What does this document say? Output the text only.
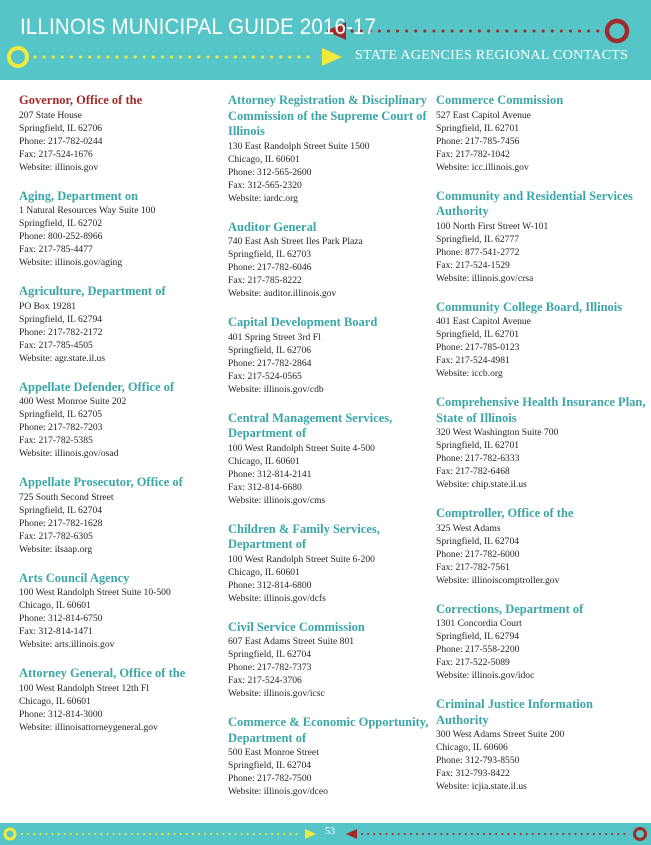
ILLINOIS MUNICIPAL GUIDE 2016-17
STATE AGENCIES REGIONAL CONTACTS
Governor, Office of the
207 State House
Springfield, IL 62706
Phone: 217-782-0244
Fax: 217-524-1676
Website: illinois.gov
Aging, Department on
1 Natural Resources Way Suite 100
Springfield, IL 62702
Phone: 800-252-8966
Fax: 217-785-4477
Website: illinois.gov/aging
Agriculture, Department of
PO Box 19281
Springfield, IL 62794
Phone: 217-782-2172
Fax: 217-785-4505
Website: agr.state.il.us
Appellate Defender, Office of
400 West Monroe Suite 202
Springfield, IL 62705
Phone: 217-782-7203
Fax: 217-782-5385
Website: illinois.gov/osad
Appellate Prosecutor, Office of
725 South Second Street
Springfield, IL 62704
Phone: 217-782-1628
Fax: 217-782-6305
Website: ilsaap.org
Arts Council Agency
100 West Randolph Street Suite 10-500
Chicago, IL 60601
Phone: 312-814-6750
Fax: 312-814-1471
Website: arts.illinois.gov
Attorney General, Office of the
100 West Randolph Street 12th Fl
Chicago, IL 60601
Phone: 312-814-3000
Website: illinoisattorneygeneral.gov
Attorney Registration & Disciplinary Commission of the Supreme Court of Illinois
130 East Randolph Street Suite 1500
Chicago, IL 60601
Phone: 312-565-2600
Fax: 312-565-2320
Website: iardc.org
Auditor General
740 East Ash Street Iles Park Plaza
Springfield, IL 62703
Phone: 217-782-6046
Fax: 217-785-8222
Website: auditor.illinois.gov
Capital Development Board
401 Spring Street 3rd Fl
Springfield, IL 62706
Phone: 217-782-2864
Fax: 217-524-0565
Website: illinois.gov/cdb
Central Management Services, Department of
100 West Randolph Street Suite 4-500
Chicago, IL 60601
Phone: 312-814-2141
Fax: 312-814-6680
Website: illinois.gov/cms
Children & Family Services, Department of
100 West Randolph Street Suite 6-200
Chicago, IL 60601
Phone: 312-814-6800
Website: illinois.gov/dcfs
Civil Service Commission
607 East Adams Street Suite 801
Springfield, IL 62704
Phone: 217-782-7373
Fax: 217-524-3706
Website: illinois.gov/icsc
Commerce & Economic Opportunity, Department of
500 East Monroe Street
Springfield, IL 62704
Phone: 217-782-7500
Website: illinois.gov/dceo
Commerce Commission
527 East Capitol Avenue
Springfield, IL 62701
Phone: 217-785-7456
Fax: 217-782-1042
Website: icc.illinois.gov
Community and Residential Services Authority
100 North First Street W-101
Springfield, IL 62777
Phone: 877-541-2772
Fax: 217-524-1529
Website: illinois.gov/crsa
Community College Board, Illinois
401 East Capitol Avenue
Springfield, IL 62701
Phone: 217-785-0123
Fax: 217-524-4981
Website: iccb.org
Comprehensive Health Insurance Plan, State of Illinois
320 West Washington Suite 700
Springfield, IL 62701
Phone: 217-782-6333
Fax: 217-782-6468
Website: chip.state.il.us
Comptroller, Office of the
325 West Adams
Springfield, IL 62704
Phone: 217-782-6000
Fax: 217-782-7561
Website: illinoiscomptroller.gov
Corrections, Department of
1301 Concordia Court
Springfield, IL 62794
Phone: 217-558-2200
Fax: 217-522-5089
Website: illinois.gov/idoc
Criminal Justice Information Authority
300 West Adams Street Suite 200
Chicago, IL 60606
Phone: 312-793-8550
Fax: 312-793-8422
Website: icjia.state.il.us
53
